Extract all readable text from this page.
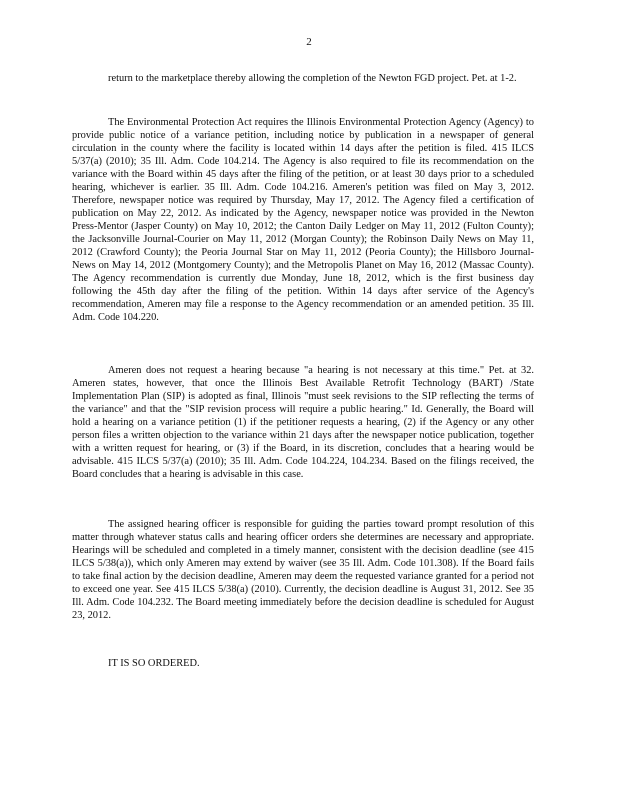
2

return to the marketplace thereby allowing the completion of the Newton FGD project. Pet. at 1-2.

The Environmental Protection Act requires the Illinois Environmental Protection Agency (Agency) to provide public notice of a variance petition, including notice by publication in a newspaper of general circulation in the county where the facility is located within 14 days after the petition is filed. 415 ILCS 5/37(a) (2010); 35 Ill. Adm. Code 104.214. The Agency is also required to file its recommendation on the variance with the Board within 45 days after the filing of the petition, or at least 30 days prior to a scheduled hearing, whichever is earlier. 35 Ill. Adm. Code 104.216. Ameren's petition was filed on May 3, 2012. Therefore, newspaper notice was required by Thursday, May 17, 2012. The Agency filed a certification of publication on May 22, 2012. As indicated by the Agency, newspaper notice was provided in the Newton Press-Mentor (Jasper County) on May 10, 2012; the Canton Daily Ledger on May 11, 2012 (Fulton County); the Jacksonville Journal-Courier on May 11, 2012 (Morgan County); the Robinson Daily News on May 11, 2012 (Crawford County); the Peoria Journal Star on May 11, 2012 (Peoria County); the Hillsboro Journal-News on May 14, 2012 (Montgomery County); and the Metropolis Planet on May 16, 2012 (Massac County). The Agency recommendation is currently due Monday, June 18, 2012, which is the first business day following the 45th day after the filing of the petition. Within 14 days after service of the Agency's recommendation, Ameren may file a response to the Agency recommendation or an amended petition. 35 Ill. Adm. Code 104.220.

Ameren does not request a hearing because "a hearing is not necessary at this time." Pet. at 32. Ameren states, however, that once the Illinois Best Available Retrofit Technology (BART) /State Implementation Plan (SIP) is adopted as final, Illinois "must seek revisions to the SIP reflecting the terms of the variance" and that the "SIP revision process will require a public hearing." Id. Generally, the Board will hold a hearing on a variance petition (1) if the petitioner requests a hearing, (2) if the Agency or any other person files a written objection to the variance within 21 days after the newspaper notice publication, together with a written request for hearing, or (3) if the Board, in its discretion, concludes that a hearing would be advisable. 415 ILCS 5/37(a) (2010); 35 Ill. Adm. Code 104.224, 104.234. Based on the filings received, the Board concludes that a hearing is advisable in this case.

The assigned hearing officer is responsible for guiding the parties toward prompt resolution of this matter through whatever status calls and hearing officer orders she determines are necessary and appropriate. Hearings will be scheduled and completed in a timely manner, consistent with the decision deadline (see 415 ILCS 5/38(a)), which only Ameren may extend by waiver (see 35 Ill. Adm. Code 101.308). If the Board fails to take final action by the decision deadline, Ameren may deem the requested variance granted for a period not to exceed one year. See 415 ILCS 5/38(a) (2010). Currently, the decision deadline is August 31, 2012. See 35 Ill. Adm. Code 104.232. The Board meeting immediately before the decision deadline is scheduled for August 23, 2012.

IT IS SO ORDERED.
